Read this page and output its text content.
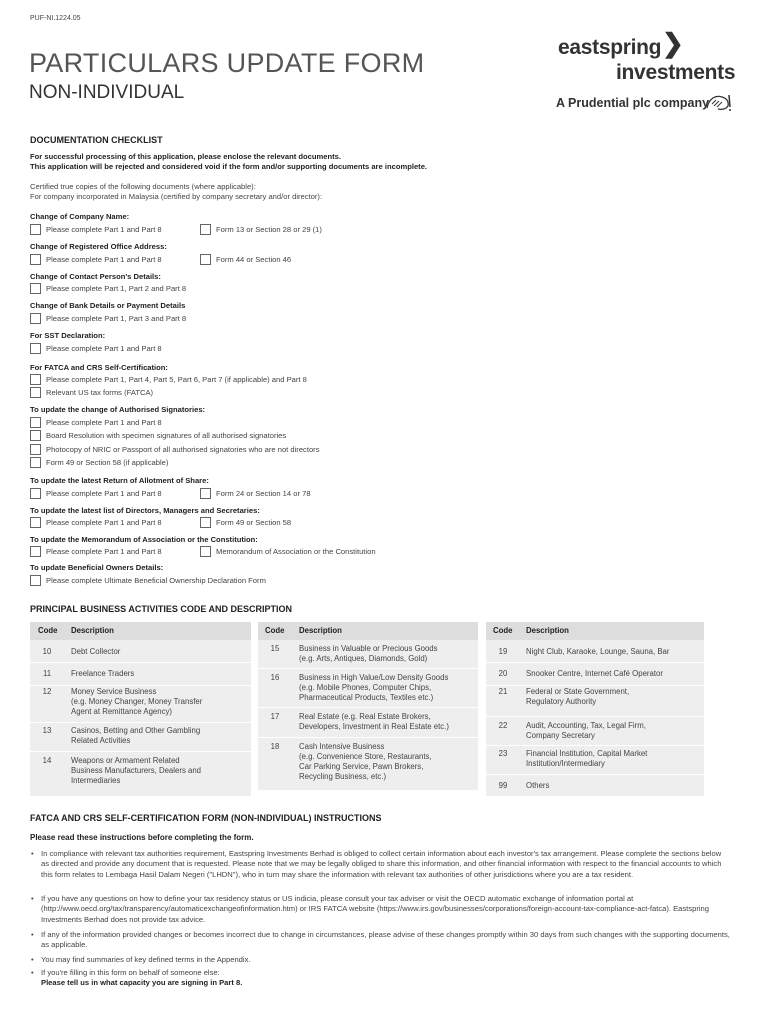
PUF-NI.1224.05
PARTICULARS UPDATE FORM
NON-INDIVIDUAL
eastspring ❯
investments
A Prudential plc company
DOCUMENTATION CHECKLIST
For successful processing of this application, please enclose the relevant documents.
This application will be rejected and considered void if the form and/or supporting documents are incomplete.
Certified true copies of the following documents (where applicable):
For company incorporated in Malaysia (certified by company secretary and/or director):
Change of Company Name:
Please complete Part 1 and Part 8	Form 13 or Section 28 or 29 (1)
Change of Registered Office Address:
Please complete Part 1 and Part 8	Form 44 or Section 46
Change of Contact Person's Details:
Please complete Part 1, Part 2 and Part 8
Change of Bank Details or Payment Details
Please complete Part 1, Part 3 and Part 8
For SST Declaration:
Please complete Part 1 and Part 8
For FATCA and CRS Self-Certification:
Please complete Part 1, Part 4, Part 5, Part 6, Part 7 (if applicable) and Part 8
Relevant US tax forms (FATCA)
To update the change of Authorised Signatories:
Please complete Part 1 and Part 8
Board Resolution with specimen signatures of all authorised signatories
Photocopy of NRIC or Passport of all authorised signatories who are not directors
Form 49 or Section 58 (if applicable)
To update the latest Return of Allotment of Share:
Please complete Part 1 and Part 8	Form 24 or Section 14 or 78
To update the latest list of Directors, Managers and Secretaries:
Please complete Part 1 and Part 8	Form 49 or Section 58
To update the Memorandum of Association or the Constitution:
Please complete Part 1 and Part 8	Memorandum of Association or the Constitution
To update Beneficial Owners Details:
Please complete Ultimate Beneficial Ownership Declaration Form
PRINCIPAL BUSINESS ACTIVITIES CODE AND DESCRIPTION
Code Description
10	Debt Collector
11	Freelance Traders
12	Money Service Business
(e.g. Money Changer, Money Transfer
Agent at Remittance Agency)
13	Casinos, Betting and Other Gambling
Related Activities
14	Weapons or Armament Related
Business Manufacturers, Dealers and
Intermediaries
Code Description
15	Business in Valuable or Precious Goods
(e.g. Arts, Antiques, Diamonds, Gold)
16	Business in High Value/Low Density Goods
(e.g. Mobile Phones, Computer Chips,
Pharmaceutical Products, Textiles etc.)
17	Real Estate (e.g. Real Estate Brokers,
Developers, Investment in Real Estate etc.)
18	Cash Intensive Business
(e.g. Convenience Store, Restaurants,
Car Parking Service, Pawn Brokers,
Recycling Business, etc.)
Code Description
19	Night Club, Karaoke, Lounge, Sauna, Bar
20	Snooker Centre, Internet Café Operator
21	Federal or State Government,
Regulatory Authority
22	Audit, Accounting, Tax, Legal Firm,
Company Secretary
23	Financial Institution, Capital Market
Institution/Intermediary
99	Others
FATCA AND CRS SELF-CERTIFICATION FORM (NON-INDIVIDUAL) INSTRUCTIONS
Please read these instructions before completing the form.
• In compliance with relevant tax authorities requirement, Eastspring Investments Berhad is obliged to collect certain information about each investor's tax arrangement. Please complete the sections below as directed and provide any document that is requested. Please note that we may be legally obliged to share this information, and other financial information with respect to the financial accounts to which this form relates to Lembaga Hasil Dalam Negeri ("LHDN"), who in turn may share the information with relevant tax authorities of other jurisdictions where you are a tax resident.
• If you have any questions on how to define your tax residency status or US indicia, please consult your tax adviser or visit the OECD automatic exchange of information portal at (http://www.oecd.org/tax/transparency/automaticexchangeofinformation.htm) or IRS FATCA website (https://www.irs.gov/businesses/corporations/foreign-account-tax-compliance-act-fatca). Eastspring Investments Berhad does not provide tax advice.
• If any of the information provided changes or becomes incorrect due to change in circumstances, please advise of these changes promptly within 30 days from such changes with the supporting documents, as applicable.
• You may find summaries of key defined terms in the Appendix.
• If you're filling in this form on behalf of someone else:
Please tell us in what capacity you are signing in Part 8.
